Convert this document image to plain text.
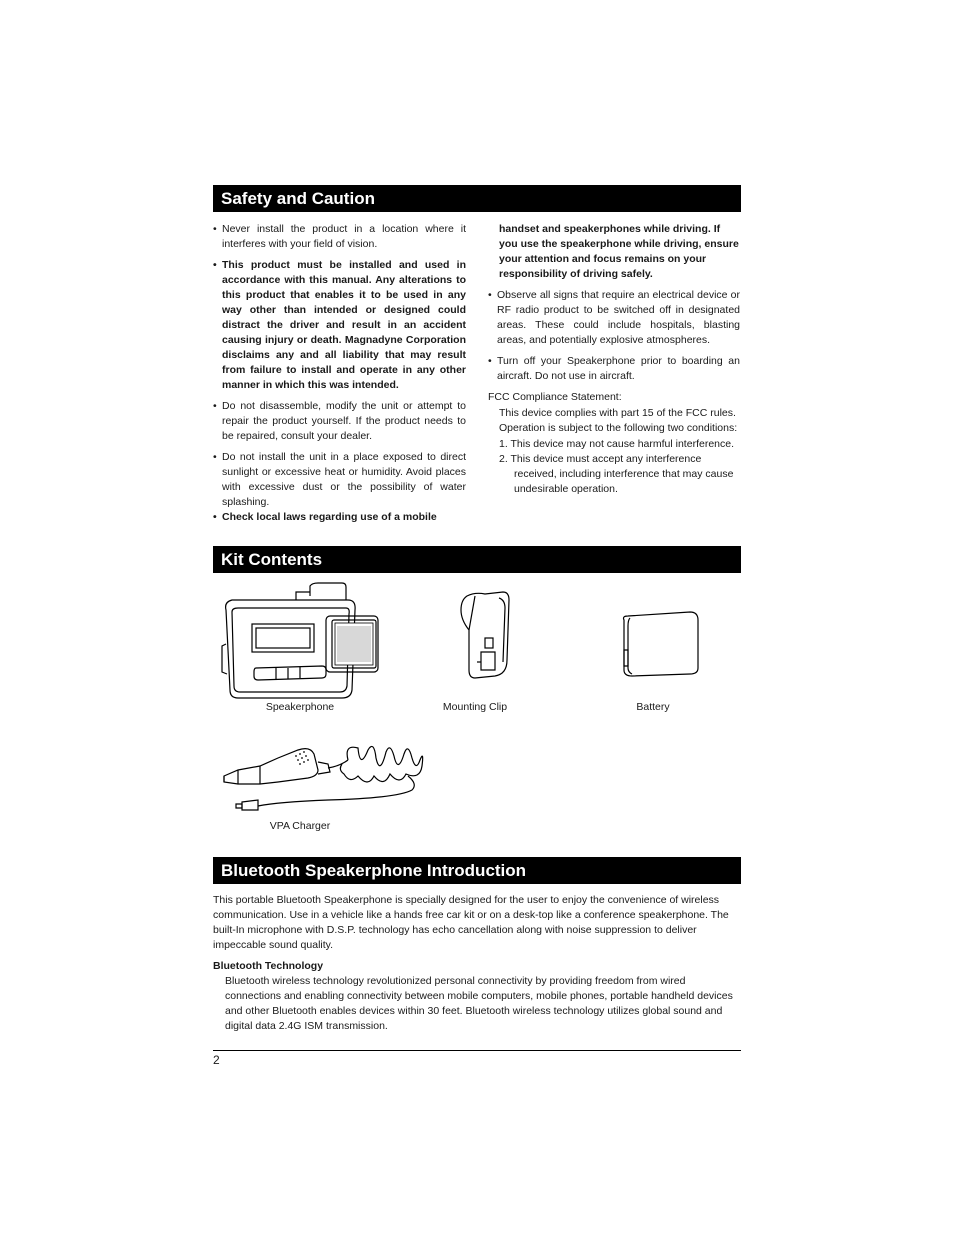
Safety and Caution

• Never install the product in a location where it interferes with your field of vision.

• This product must be installed and used in accordance with this manual. Any alterations to this product that enables it to be used in any way other than intended or designed could distract the driver and result in an accident causing injury or death. Magnadyne Corporation disclaims any and all liability that may result from failure to install and operate in any other manner in which this was intended.

• Do not disassemble, modify the unit or attempt to repair the product yourself. If the product needs to be repaired, consult your dealer.

• Do not install the unit in a place exposed to direct sunlight or excessive heat or humidity. Avoid places with excessive dust or the possibility of water splashing.

• Check local laws regarding use of a mobile

handset and speakerphones while driving. If you use the speakerphone while driving, ensure your attention and focus remains on your responsibility of driving safely.

• Observe all signs that require an electrical device or RF radio product to be switched off in designated areas. These could include hospitals, blasting areas, and potentially explosive atmospheres.

• Turn off your Speakerphone prior to boarding an aircraft. Do not use in aircraft.

FCC Compliance Statement:

This device complies with part 15 of the FCC rules. Operation is subject to the following two conditions:

1. This device may not cause harmful interference.

2. This device must accept any interference received, including interference that may cause undesirable operation.

Kit Contents
Speakerphone	Mounting Clip	Battery
VPA Charger
Bluetooth Speakerphone Introduction

This portable Bluetooth Speakerphone is specially designed for the user to enjoy the convenience of wireless communication. Use in a vehicle like a hands free car kit or on a desk-top like a conference speakerphone. The built-In microphone with D.S.P. technology has echo cancellation along with noise suppression to deliver impeccable sound quality.

Bluetooth Technology

Bluetooth wireless technology revolutionized personal connectivity by providing freedom from wired connections and enabling connectivity between mobile computers, mobile phones, portable handheld devices and other Bluetooth enables devices within 30 feet. Bluetooth wireless technology utilizes global sound and digital data 2.4G ISM transmission.

2
